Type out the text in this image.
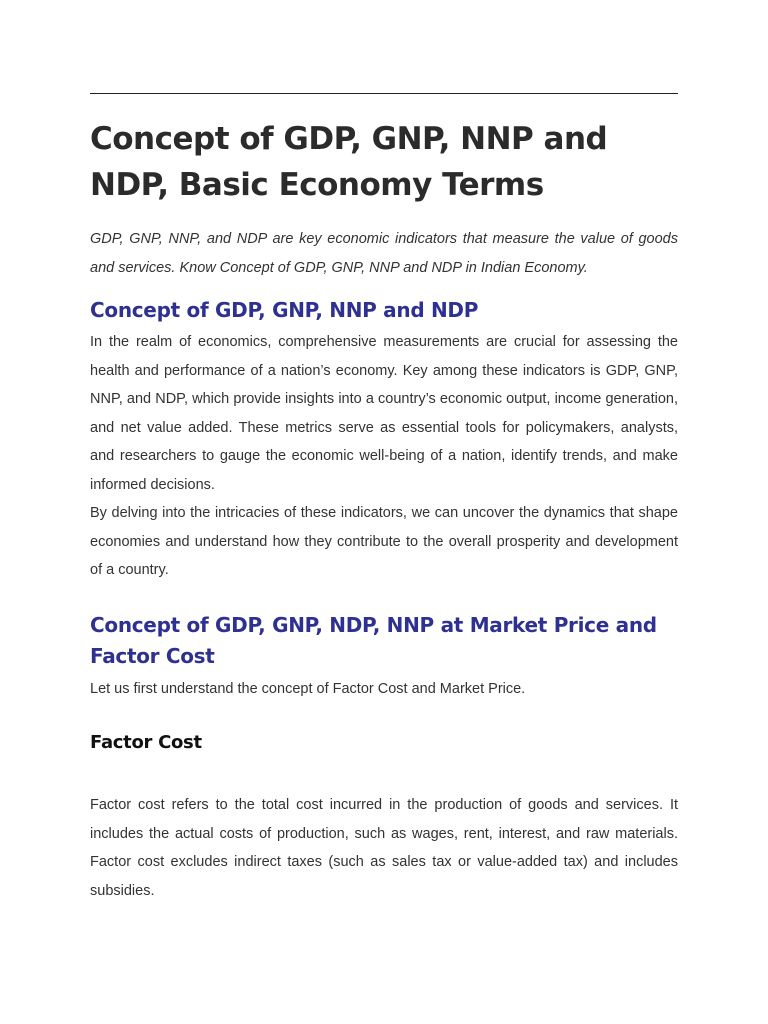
Concept of GDP, GNP, NNP and NDP, Basic Economy Terms

GDP, GNP, NNP, and NDP are key economic indicators that measure the value of goods and services. Know Concept of GDP, GNP, NNP and NDP in Indian Economy.

Concept of GDP, GNP, NNP and NDP

In the realm of economics, comprehensive measurements are crucial for assessing the health and performance of a nation’s economy. Key among these indicators is GDP, GNP, NNP, and NDP, which provide insights into a country’s economic output, income generation, and net value added. These metrics serve as essential tools for policymakers, analysts, and researchers to gauge the economic well-being of a nation, identify trends, and make informed decisions.

By delving into the intricacies of these indicators, we can uncover the dynamics that shape economies and understand how they contribute to the overall prosperity and development of a country.

Concept of GDP, GNP, NDP, NNP at Market Price and Factor Cost

Let us first understand the concept of Factor Cost and Market Price.

Factor Cost

Factor cost refers to the total cost incurred in the production of goods and services. It includes the actual costs of production, such as wages, rent, interest, and raw materials. Factor cost excludes indirect taxes (such as sales tax or value-added tax) and includes subsidies.
